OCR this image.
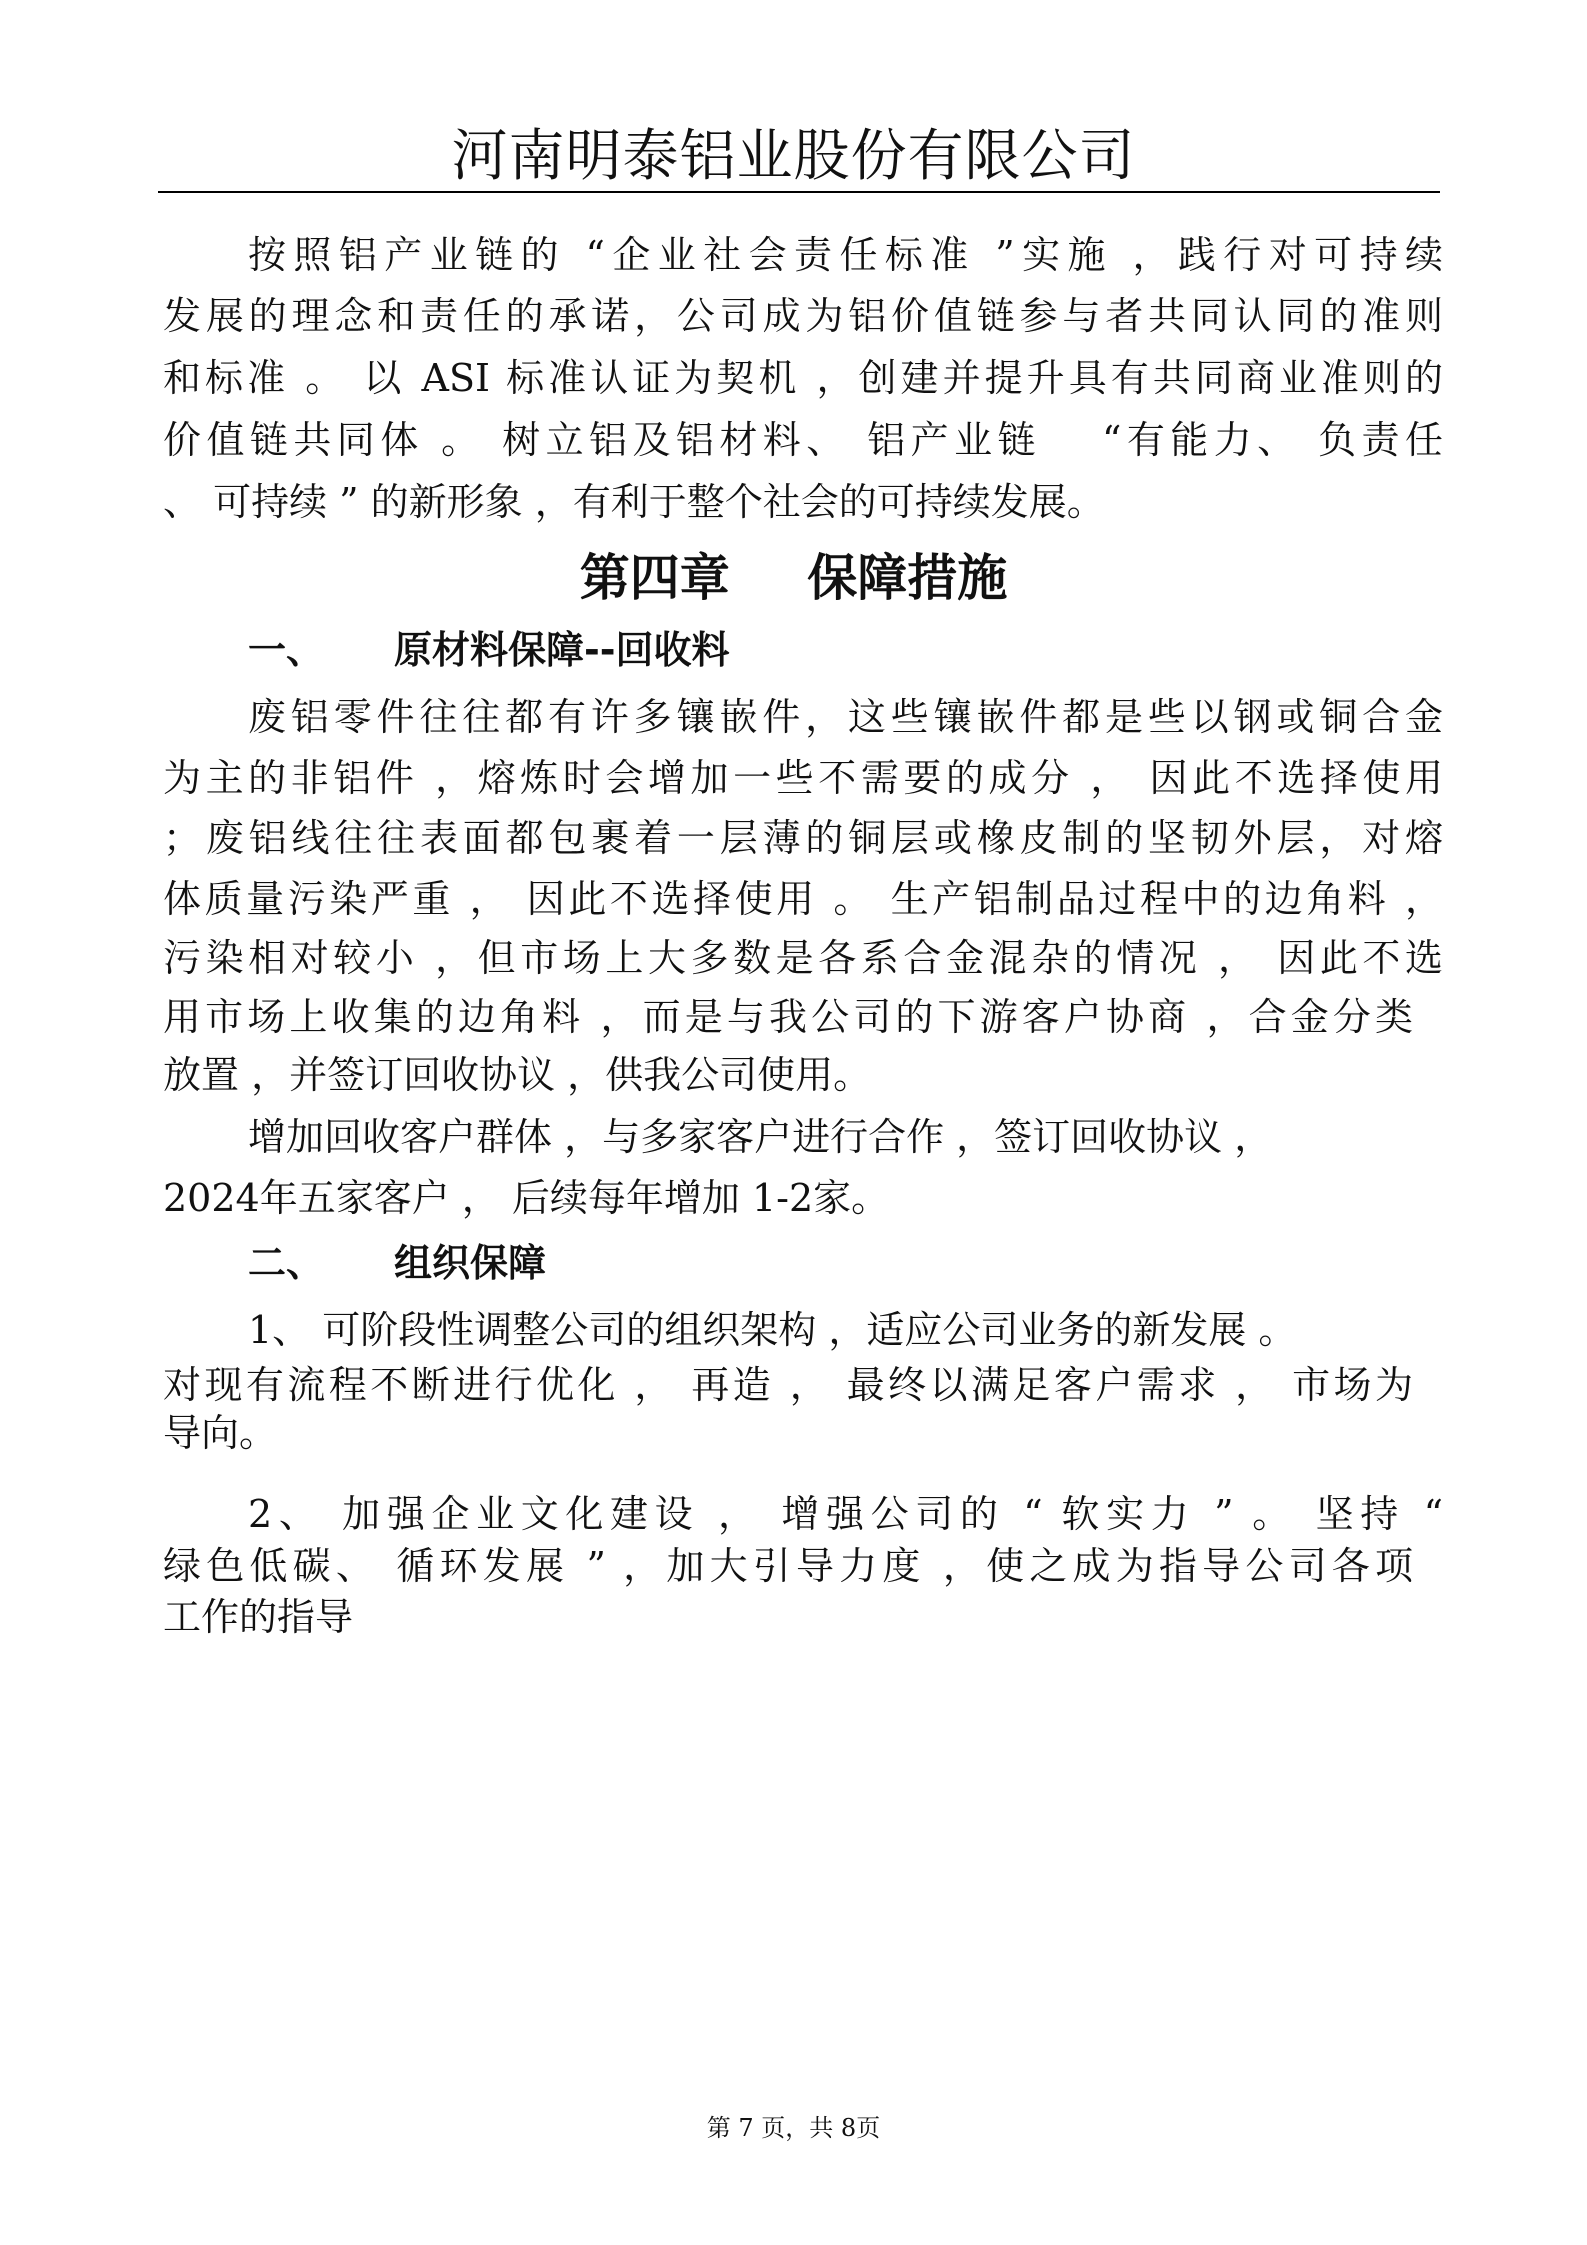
河南明泰铝业股份有限公司
按照铝产业链的 “企业社会责任标准 ”实施 ，践行对可持续
发展的理念和责任的承诺，公司成为铝价值链参与者共同认同的准则
和标准 。 以 ASI 标准认证为契机 ，创建并提升具有共同商业准则的
价值链共同体 。 树立铝及铝材料、 铝产业链　 “有能力、 负责任
、 可持续 ” 的新形象 ，有利于整个社会的可持续发展。
第四章 保障措施
一、 原材料保障--回收料
废铝零件往往都有许多镶嵌件，这些镶嵌件都是些以钢或铜合金
为主的非铝件 ，熔炼时会增加一些不需要的成分 ， 因此不选择使用
；废铝线往往表面都包裹着一层薄的铜层或橡皮制的坚韧外层，对熔
体质量污染严重 ， 因此不选择使用 。 生产铝制品过程中的边角料 ，
污染相对较小 ，但市场上大多数是各系合金混杂的情况 ， 因此不选
用市场上收集的边角料 ，而是与我公司的下游客户协商 ，合金分类
放置 ，并签订回收协议 ，供我公司使用。
增加回收客户群体 ，与多家客户进行合作 ，签订回收协议 ，
2024年五家客户 ， 后续每年增加 1-2家。
二、 组织保障
1、 可阶段性调整公司的组织架构 ，适应公司业务的新发展 。
对现有流程不断进行优化 ， 再造 ， 最终以满足客户需求 ， 市场为
导向。
2、 加强企业文化建设 ， 增强公司的 “ 软实力 ” 。 坚持 “
绿色低碳、 循环发展 ” ，加大引导力度 ，使之成为指导公司各项
工作的指导
第 7 页，共 8页
